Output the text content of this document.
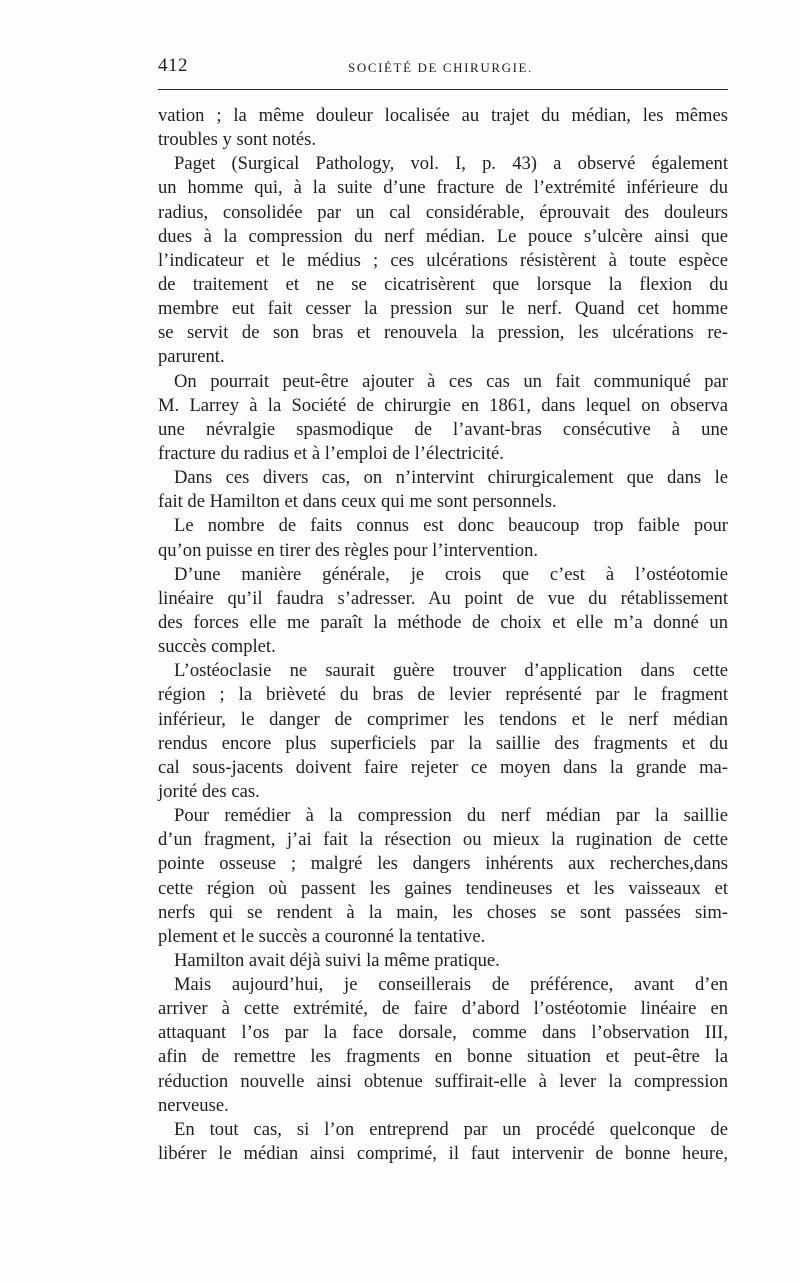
412	SOCIÉTÉ DE CHIRURGIE.
vation ; la même douleur localisée au trajet du médian, les mêmes
troubles y sont notés.
Paget (Surgical Pathology, vol. I, p. 43) a observé également
un homme qui, à la suite d’une fracture de l’extrémité inférieure du
radius, consolidée par un cal considérable, éprouvait des douleurs
dues à la compression du nerf médian. Le pouce s’ulcère ainsi que
l’indicateur et le médius ; ces ulcérations résistèrent à toute espèce
de traitement et ne se cicatrisèrent que lorsque la flexion du
membre eut fait cesser la pression sur le nerf. Quand cet homme
se servit de son bras et renouvela la pression, les ulcérations re-
parurent.
On pourrait peut-être ajouter à ces cas un fait communiqué par
M. Larrey à la Société de chirurgie en 1861, dans lequel on observa
une névralgie spasmodique de l’avant-bras consécutive à une
fracture du radius et à l’emploi de l’électricité.
Dans ces divers cas, on n’intervint chirurgicalement que dans le
fait de Hamilton et dans ceux qui me sont personnels.
Le nombre de faits connus est donc beaucoup trop faible pour
qu’on puisse en tirer des règles pour l’intervention.
D’une manière générale, je crois que c’est à l’ostéotomie
linéaire qu’il faudra s’adresser. Au point de vue du rétablissement
des forces elle me paraît la méthode de choix et elle m’a donné un
succès complet.
L’ostéoclasie ne saurait guère trouver d’application dans cette
région ; la brièveté du bras de levier représenté par le fragment
inférieur, le danger de comprimer les tendons et le nerf médian
rendus encore plus superficiels par la saillie des fragments et du
cal sous-jacents doivent faire rejeter ce moyen dans la grande ma-
jorité des cas.
Pour remédier à la compression du nerf médian par la saillie
d’un fragment, j’ai fait la résection ou mieux la rugination de cette
pointe osseuse ; malgré les dangers inhérents aux recherches,dans
cette région où passent les gaines tendineuses et les vaisseaux et
nerfs qui se rendent à la main, les choses se sont passées sim-
plement et le succès a couronné la tentative.
Hamilton avait déjà suivi la même pratique.
Mais aujourd’hui, je conseillerais de préférence, avant d’en
arriver à cette extrémité, de faire d’abord l’ostéotomie linéaire en
attaquant l’os par la face dorsale, comme dans l’observation III,
afin de remettre les fragments en bonne situation et peut-être la
réduction nouvelle ainsi obtenue suffirait-elle à lever la compression
nerveuse.
En tout cas, si l’on entreprend par un procédé quelconque de
libérer le médian ainsi comprimé, il faut intervenir de bonne heure,
